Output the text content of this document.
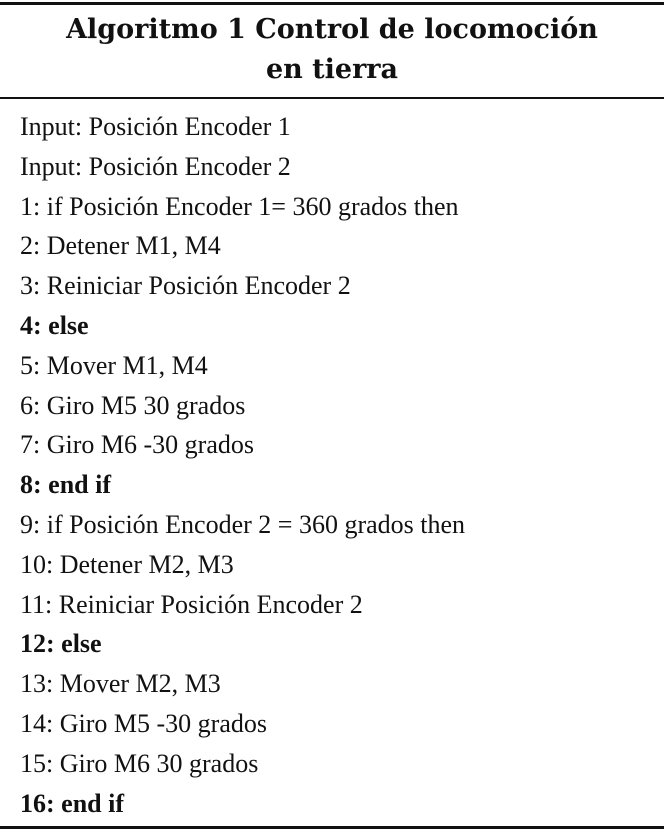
Algoritmo 1 Control de locomoción
en tierra
Input: Posición Encoder 1
Input: Posición Encoder 2
1: if Posición Encoder 1= 360 grados then
2: Detener M1, M4
3: Reiniciar Posición Encoder 2
4: else
5: Mover M1, M4
6: Giro M5 30 grados
7: Giro M6 -30 grados
8: end if
9: if Posición Encoder 2 = 360 grados then
10: Detener M2, M3
11: Reiniciar Posición Encoder 2
12: else
13: Mover M2, M3
14: Giro M5 -30 grados
15: Giro M6 30 grados
16: end if
